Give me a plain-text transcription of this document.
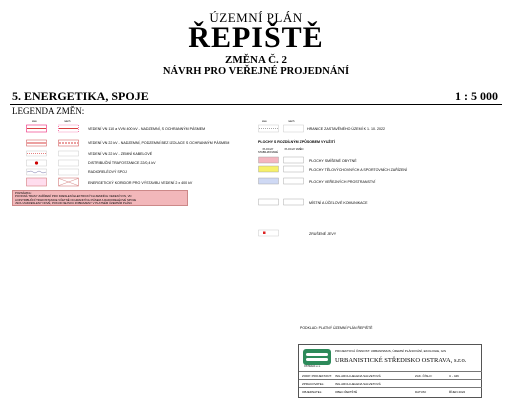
ÚZEMNÍ PLÁN
ŘEPIŠTĚ
ZMĚNA Č. 2
NÁVRH PRO VEŘEJNÉ PROJEDNÁNÍ
5. ENERGETIKA, SPOJE	1 : 5 000
LEGENDA ZMĚN:
stav	návrh
VEDENÍ VN 110 a VVN 400 kV - NADZEMNÍ, S OCHRANNÝM PÁSMEM
VEDENÍ VN 22 kV - NADZEMNÍ, PODZEMNÍ BEZ IZOLACE S OCHRANNÝM PÁSMEM
VEDENÍ VN 22 kV - ZEMNÍ KABELOVÉ
DISTRIBUČNÍ TRAFOSTANICE 22/0,4 kV
RADIORELÉOVÝ SPOJ
ENERGETICKÝ KORIDOR PRO VÝSTAVBU VEDENÍ 2 x 400 kV
POZNÁMKA:
POVINNÁ TRASY ZAŘÍZENÍ PRO KRESLENÍ ELEKTRICKÝCH ZEMNÍCH VEDENÍ VVN, VN
A DISTRIBUČNÍ TRAFOSTANICE VČETNĚ OCHRANNÝCH PÁSEM A RADIORELÉOVÉ SPOJE
JSOU ZAKRESLENY NOVĚ, POKUD NEJSOU ZOBRAZENY V PLATNÉM ÚZEMNÍM PLÁNU
stav	návrh
HRANICE ZASTAVĚNÉHO ÚZEMÍ K 1. 10. 2022
PLOCHY S ROZDÍLNÝM ZPŮSOBEM VYUŽITÍ
PLOCHY STABILIZOVANÉ
PLOCHY ZMĚN
PLOCHY SMÍŠENÉ OBYTNÉ
PLOCHY TĚLOVÝCHOVNÝCH A SPORTOVNÍCH ZAŘÍZENÍ
PLOCHY VEŘEJNÝCH PROSTRANSTVÍ
MÍSTNÍ A ÚČELOVÉ KOMUNIKACE
ZRUŠENÉ JEVY
PODKLAD: PLATNÝ ÚZEMNÍ PLÁN ŘEPIŠTĚ
OSTRAVA s.r.o.
PROJEKTOVÁ ČINNOST: URBANISMUS, ÚZEMNÍ PLÁNOVÁNÍ, EKOLOGIE, GIS
URBANISTICKÉ STŘEDISKO OSTRAVA, s.r.o.
ZODP. PROJEKTANT: ING.ARCH.HELENA SALVETOVÁ	ZAK. ČÍSLO:	U - 446
ZPRACOVATEL:	ING.ARCH.HELENA SALVETOVÁ
OBJEDNATEL:	OBEC ŘEPIŠTĚ	DATUM:	ŘÍJEN 2022
